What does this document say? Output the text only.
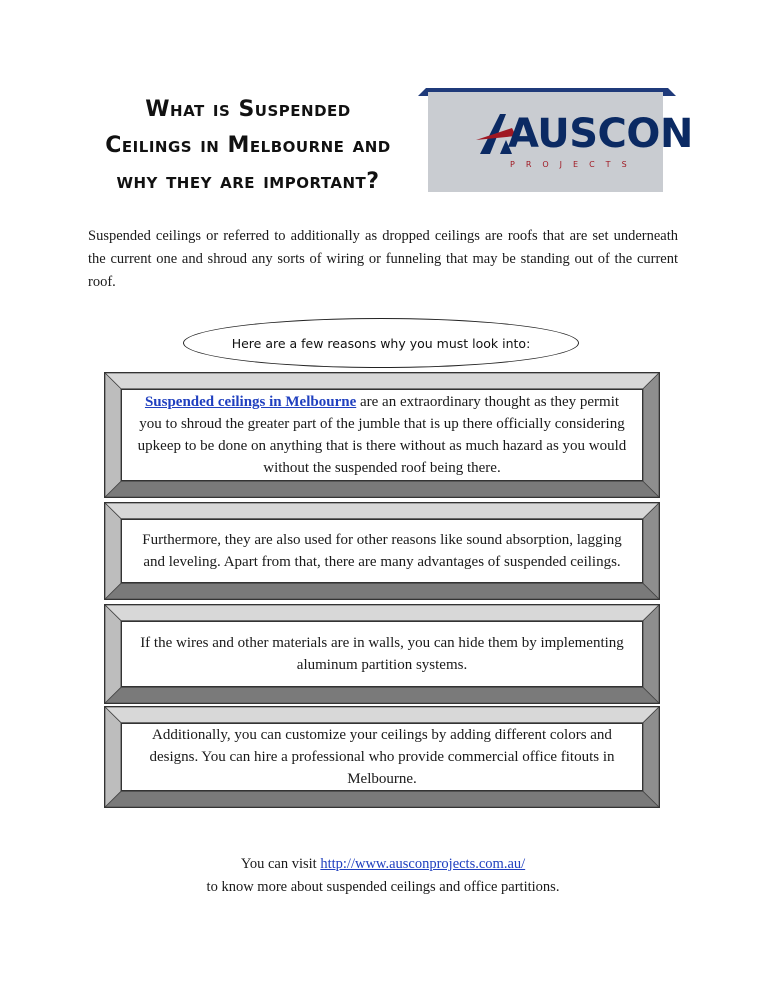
What is Suspended
Ceilings in Melbourne and
why they are important?
AUSCON
PROJECTS
Suspended ceilings or referred to additionally as dropped ceilings are roofs that are set underneath the current one and shroud any sorts of wiring or funneling that may be standing out of the current roof.
Here are a few reasons why you must look into:
Suspended ceilings in Melbourne are an extraordinary thought as they permit you to shroud the greater part of the jumble that is up there officially considering upkeep to be done on anything that is there without as much hazard as you would without the suspended roof being there.
Furthermore, they are also used for other reasons like sound absorption, lagging and leveling. Apart from that, there are many advantages of suspended ceilings.
If the wires and other materials are in walls, you can hide them by implementing aluminum partition systems.
Additionally, you can customize your ceilings by adding different colors and designs. You can hire a professional who provide commercial office fitouts in Melbourne.
You can visit http://www.ausconprojects.com.au/
to know more about suspended ceilings and office partitions.
